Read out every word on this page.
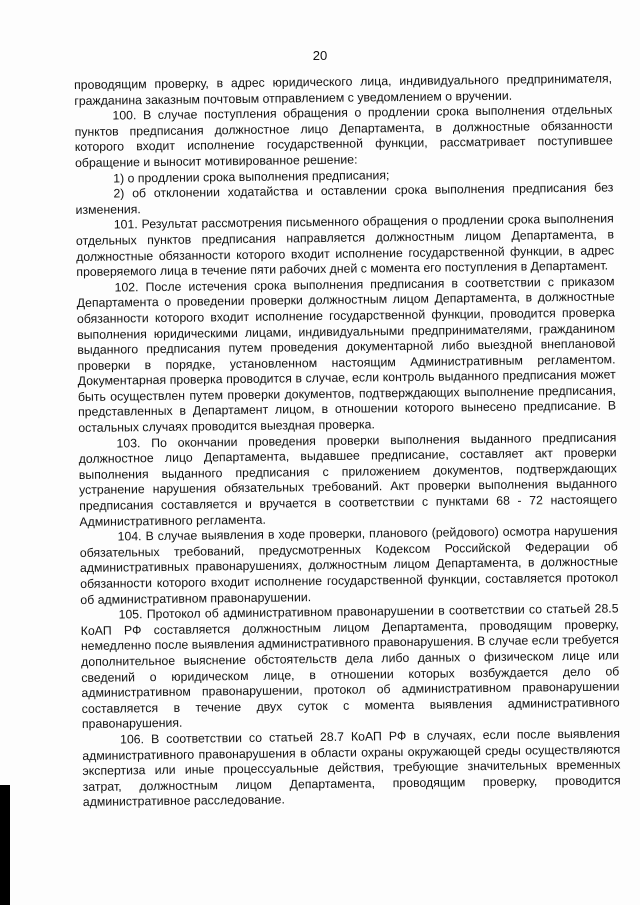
20

проводящим проверку, в адрес юридического лица, индивидуального предпринимателя, гражданина заказным почтовым отправлением с уведомлением о вручении.

100. В случае поступления обращения о продлении срока выполнения отдельных пунктов предписания должностное лицо Департамента, в должностные обязанности которого входит исполнение государственной функции, рассматривает поступившее обращение и выносит мотивированное решение:

1) о продлении срока выполнения предписания;

2) об отклонении ходатайства и оставлении срока выполнения предписания без изменения.

101. Результат рассмотрения письменного обращения о продлении срока выполнения отдельных пунктов предписания направляется должностным лицом Департамента, в должностные обязанности которого входит исполнение государственной функции, в адрес проверяемого лица в течение пяти рабочих дней с момента его поступления в Департамент.

102. После истечения срока выполнения предписания в соответствии с приказом Департамента о проведении проверки должностным лицом Департамента, в должностные обязанности которого входит исполнение государственной функции, проводится проверка выполнения юридическими лицами, индивидуальными предпринимателями, гражданином выданного предписания путем проведения документарной либо выездной внеплановой проверки в порядке, установленном настоящим Административным регламентом. Документарная проверка проводится в случае, если контроль выданного предписания может быть осуществлен путем проверки документов, подтверждающих выполнение предписания, представленных в Департамент лицом, в отношении которого вынесено предписание. В остальных случаях проводится выездная проверка.

103. По окончании проведения проверки выполнения выданного предписания должностное лицо Департамента, выдавшее предписание, составляет акт проверки выполнения выданного предписания с приложением документов, подтверждающих устранение нарушения обязательных требований. Акт проверки выполнения выданного предписания составляется и вручается в соответствии с пунктами 68 - 72 настоящего Административного регламента.

104. В случае выявления в ходе проверки, планового (рейдового) осмотра нарушения обязательных требований, предусмотренных Кодексом Российской Федерации об административных правонарушениях, должностным лицом Департамента, в должностные обязанности которого входит исполнение государственной функции, составляется протокол об административном правонарушении.

105. Протокол об административном правонарушении в соответствии со статьей 28.5 КоАП РФ составляется должностным лицом Департамента, проводящим проверку, немедленно после выявления административного правонарушения. В случае если требуется дополнительное выяснение обстоятельств дела либо данных о физическом лице или сведений о юридическом лице, в отношении которых возбуждается дело об административном правонарушении, протокол об административном правонарушении составляется в течение двух суток с момента выявления административного правонарушения.

106. В соответствии со статьей 28.7 КоАП РФ в случаях, если после выявления административного правонарушения в области охраны окружающей среды осуществляются экспертиза или иные процессуальные действия, требующие значительных временных затрат, должностным лицом Департамента, проводящим проверку, проводится административное расследование.
